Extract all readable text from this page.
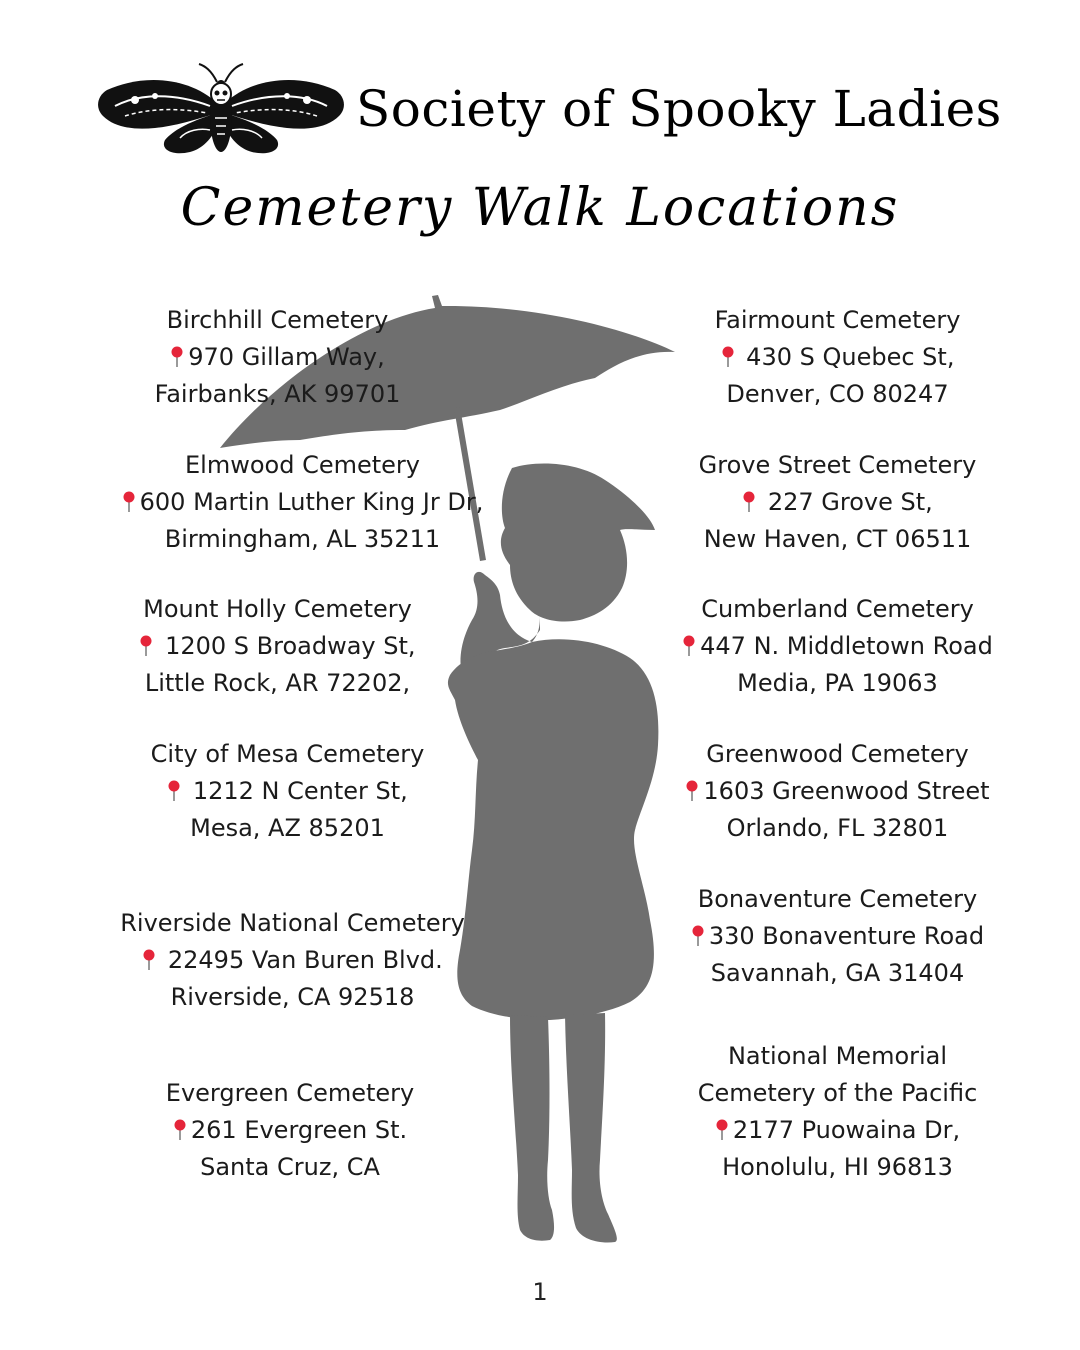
Society of Spooky Ladies
Cemetery Walk Locations
Birchhill Cemetery
970 Gillam Way,
Fairbanks, AK 99701
Elmwood Cemetery
600 Martin Luther King Jr Dr,
Birmingham, AL 35211
Mount Holly Cemetery
1200 S Broadway St,
Little Rock, AR 72202,
City of Mesa Cemetery
1212 N Center St,
Mesa, AZ 85201
Riverside National Cemetery
22495 Van Buren Blvd.
Riverside, CA 92518
Evergreen Cemetery
261 Evergreen St.
Santa Cruz, CA
Fairmount Cemetery
430 S Quebec St,
Denver, CO 80247
Grove Street Cemetery
227 Grove St,
New Haven, CT 06511
Cumberland Cemetery
447 N. Middletown Road
Media, PA 19063
Greenwood Cemetery
1603 Greenwood Street
Orlando, FL 32801
Bonaventure Cemetery
330 Bonaventure Road
Savannah, GA 31404
National Memorial
Cemetery of the Pacific
2177 Puowaina Dr,
Honolulu, HI 96813
1
